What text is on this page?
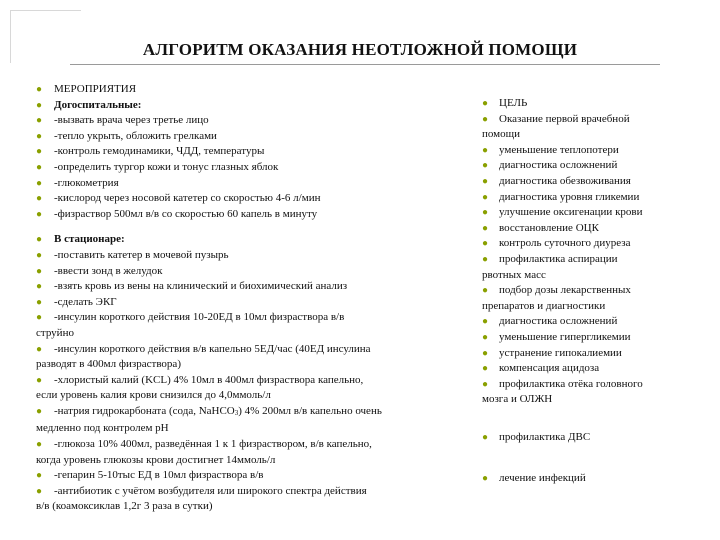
АЛГОРИТМ ОКАЗАНИЯ НЕОТЛОЖНОЙ ПОМОЩИ
● МЕРОПРИЯТИЯ
● Догоспитальные:
● -вызвать врача через третье лицо
● -тепло укрыть, обложить грелками
● -контроль гемодинамики, ЧДД, температуры
● -определить тургор кожи и тонус глазных яблок
● -глюкометрия
● -кислород через носовой катетер со скоростью 4-6 л/мин
● -физраствор 500мл в/в со скоростью 60 капель в минуту
● В стационаре:
● -поставить катетер в мочевой пузырь
● -ввести зонд в желудок
● -взять кровь из вены на клинический и биохимический анализ
● -сделать ЭКГ
● -инсулин короткого действия 10-20ЕД в 10мл физраствора в/в
струйно
● -инсулин короткого действия в/в капельно 5ЕД/час (40ЕД инсулина
разводят в 400мл физраствора)
● -хлористый калий (KCL) 4% 10мл в 400мл физраствора капельно,
если уровень калия крови снизился до 4,0ммоль/л
● -натрия гидрокарбоната (сода, NaHCO3) 4% 200мл в/в капельно очень
медленно под контролем pH
● -глюкоза 10% 400мл, разведённая 1 к 1 физраствором, в/в капельно,
когда уровень глюкозы крови достигнет 14ммоль/л
● -гепарин 5-10тыс ЕД в 10мл физраствора в/в
● -антибиотик с учётом возбудителя или широкого спектра действия
в/в (коамоксиклав 1,2г 3 раза в сутки)
● ЦЕЛЬ
● Оказание первой врачебной
помощи
● уменьшение теплопотери
● диагностика осложнений
● диагностика обезвоживания
● диагностика уровня гликемии
● улучшение оксигенации крови
● восстановление ОЦК
● контроль суточного диуреза
● профилактика аспирации
рвотных масс
● подбор дозы лекарственных
препаратов и диагностики
● диагностика осложнений
● уменьшение гипергликемии
● устранение гипокалиемии
● компенсация ацидоза
● профилактика отёка головного
мозга и ОЛЖН
● профилактика ДВС
● лечение инфекций
